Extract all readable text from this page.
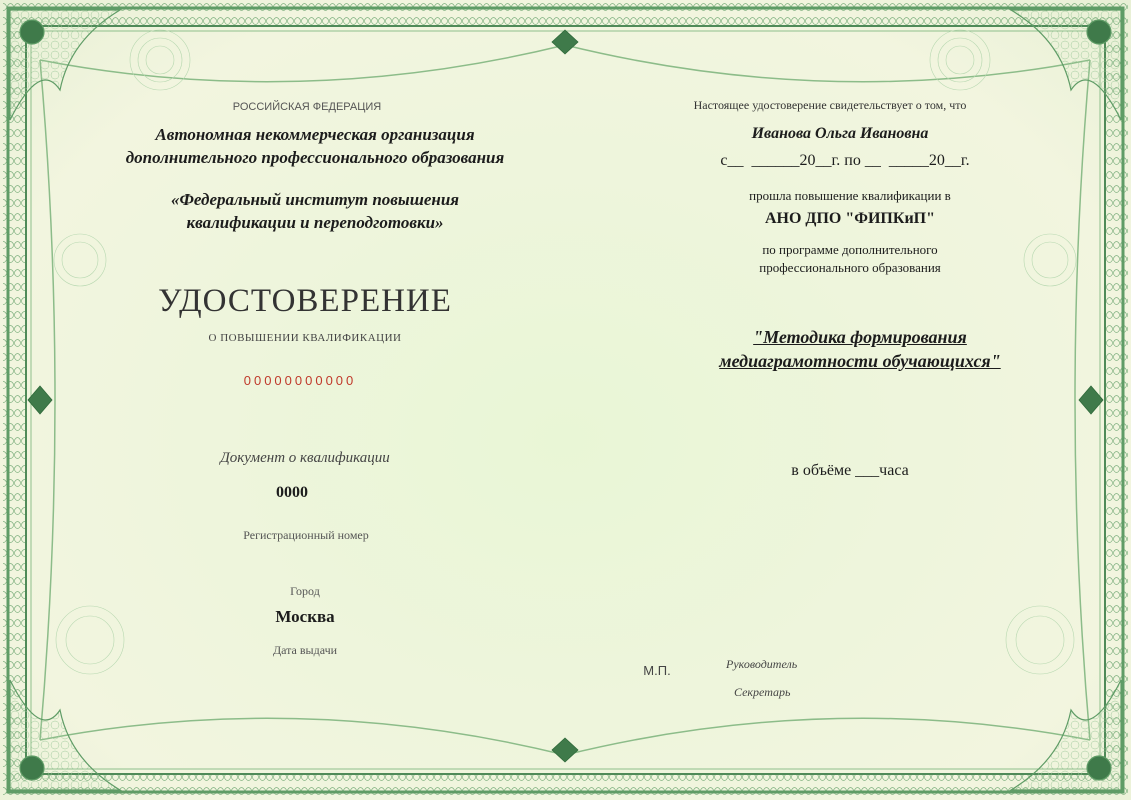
РОССИЙСКАЯ ФЕДЕРАЦИЯ
Автономная некоммерческая организация
дополнительного профессионального образования
«Федеральный институт повышения
квалификации и переподготовки»
УДОСТОВЕРЕНИЕ
О ПОВЫШЕНИИ КВАЛИФИКАЦИИ
00000000000
Документ о квалификации
0000
Регистрационный номер
Город
Москва
Дата выдачи
Настоящее удостоверение свидетельствует о том, что
Иванова Ольга Ивановна
с__  ______20__г. по __  _____20__г.
прошла повышение квалификации в
АНО ДПО "ФИПКиП"
по программе дополнительного
профессионального образования
"Методика формирования
медиаграмотности обучающихся"
в объёме ___часа
М.П.	Руководитель
Секретарь
